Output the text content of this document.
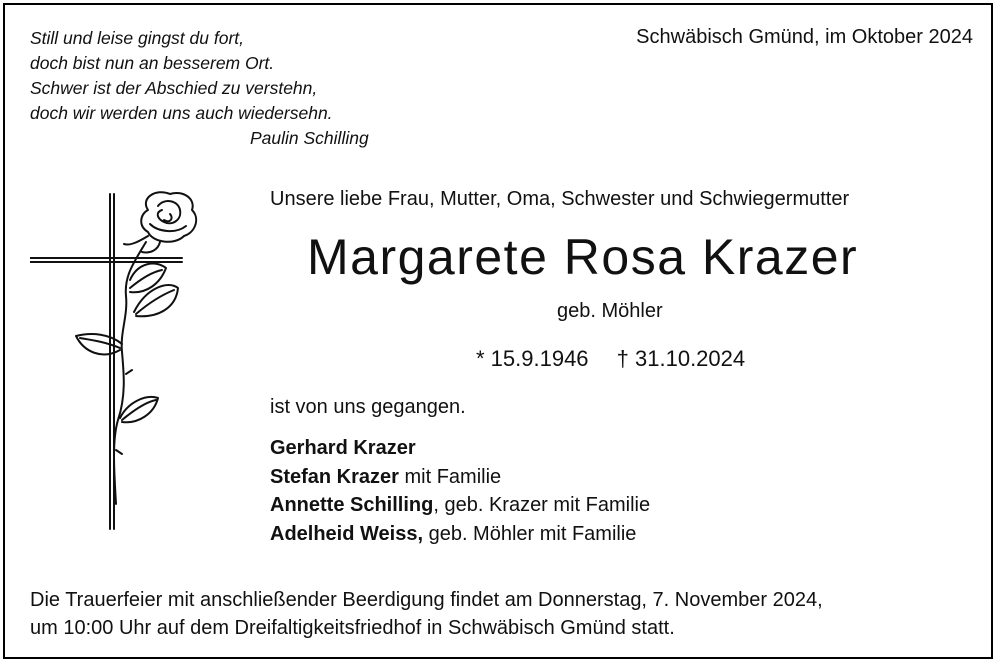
Still und leise gingst du fort,
doch bist nun an besserem Ort.
Schwer ist der Abschied zu verstehn,
doch wir werden uns auch wiedersehn.
Paulin Schilling
Schwäbisch Gmünd, im Oktober 2024
Unsere liebe Frau, Mutter, Oma, Schwester und Schwiegermutter
Margarete Rosa Krazer
geb. Möhler
* 15.9.1946 † 31.10.2024
ist von uns gegangen.
Gerhard Krazer
Stefan Krazer mit Familie
Annette Schilling, geb. Krazer mit Familie
Adelheid Weiss, geb. Möhler mit Familie
Die Trauerfeier mit anschließender Beerdigung findet am Donnerstag, 7. November 2024,
um 10:00 Uhr auf dem Dreifaltigkeitsfriedhof in Schwäbisch Gmünd statt.
